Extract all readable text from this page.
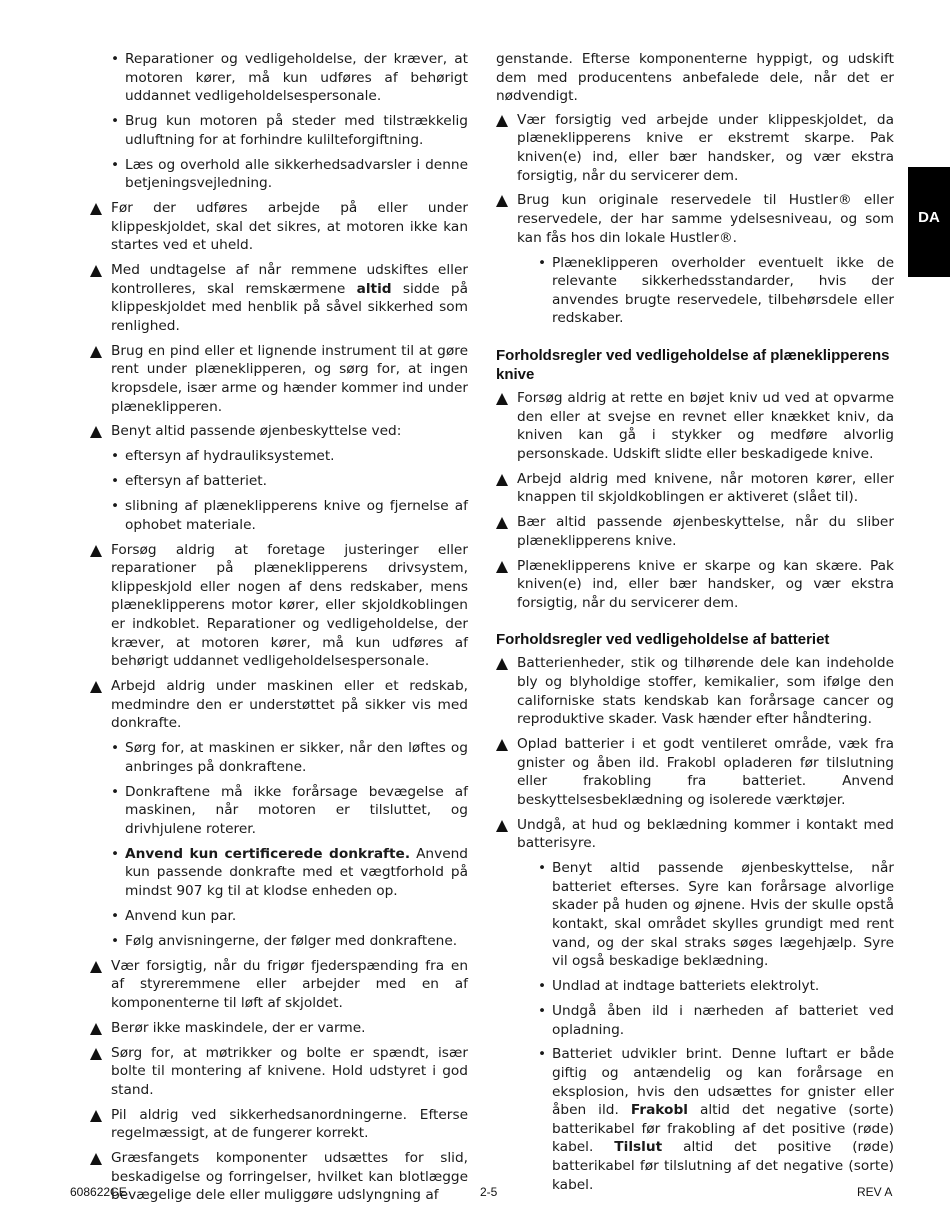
• Reparationer og vedligeholdelse, der kræver, at motoren kører, må kun udføres af behørigt uddannet vedligeholdelsespersonale.
• Brug kun motoren på steder med tilstrækkelig udluftning for at forhindre kulilteforgiftning.
• Læs og overhold alle sikkerhedsadvarsler i denne betjeningsvejledning.
Før der udføres arbejde på eller under klippeskjoldet, skal det sikres, at motoren ikke kan startes ved et uheld.
Med undtagelse af når remmene udskiftes eller kontrolleres, skal remskærmene altid sidde på klippeskjoldet med henblik på såvel sikkerhed som renlighed.
Brug en pind eller et lignende instrument til at gøre rent under plæneklipperen, og sørg for, at ingen kropsdele, især arme og hænder kommer ind under plæneklipperen.
Benyt altid passende øjenbeskyttelse ved:
• eftersyn af hydrauliksystemet.
• eftersyn af batteriet.
• slibning af plæneklipperens knive og fjernelse af ophobet materiale.
Forsøg aldrig at foretage justeringer eller reparationer på plæneklipperens drivsystem, klippeskjold eller nogen af dens redskaber, mens plæneklipperens motor kører, eller skjoldkoblingen er indkoblet. Reparationer og vedligeholdelse, der kræver, at motoren kører, må kun udføres af behørigt uddannet vedligeholdelsespersonale.
Arbejd aldrig under maskinen eller et redskab, medmindre den er understøttet på sikker vis med donkrafte.
• Sørg for, at maskinen er sikker, når den løftes og anbringes på donkraftene.
• Donkraftene må ikke forårsage bevægelse af maskinen, når motoren er tilsluttet, og drivhjulene roterer.
• Anvend kun certificerede donkrafte. Anvend kun passende donkrafte med et vægtforhold på mindst 907 kg til at klodse enheden op.
• Anvend kun par.
• Følg anvisningerne, der følger med donkraftene.
Vær forsigtig, når du frigør fjederspænding fra en af styreremmene eller arbejder med en af komponenterne til løft af skjoldet.
Berør ikke maskindele, der er varme.
Sørg for, at møtrikker og bolte er spændt, især bolte til montering af knivene. Hold udstyret i god stand.
Pil aldrig ved sikkerhedsanordningerne. Efterse regelmæssigt, at de fungerer korrekt.
Græsfangets komponenter udsættes for slid, beskadigelse og forringelser, hvilket kan blotlægge bevægelige dele eller muliggøre udslyngning af
genstande. Efterse komponenterne hyppigt, og udskift dem med producentens anbefalede dele, når det er nødvendigt.
Vær forsigtig ved arbejde under klippeskjoldet, da plæneklipperens knive er ekstremt skarpe. Pak kniven(e) ind, eller bær handsker, og vær ekstra forsigtig, når du servicerer dem.
Brug kun originale reservedele til Hustler® eller reservedele, der har samme ydelsesniveau, og som kan fås hos din lokale Hustler®.
• Plæneklipperen overholder eventuelt ikke de relevante sikkerhedsstandarder, hvis der anvendes brugte reservedele, tilbehørsdele eller redskaber.
Forholdsregler ved vedligeholdelse af plæneklipperens knive
Forsøg aldrig at rette en bøjet kniv ud ved at opvarme den eller at svejse en revnet eller knækket kniv, da kniven kan gå i stykker og medføre alvorlig personskade. Udskift slidte eller beskadigede knive.
Arbejd aldrig med knivene, når motoren kører, eller knappen til skjoldkoblingen er aktiveret (slået til).
Bær altid passende øjenbeskyttelse, når du sliber plæneklipperens knive.
Plæneklipperens knive er skarpe og kan skære. Pak kniven(e) ind, eller bær handsker, og vær ekstra forsigtig, når du servicerer dem.
Forholdsregler ved vedligeholdelse af batteriet
Batterienheder, stik og tilhørende dele kan indeholde bly og blyholdige stoffer, kemikalier, som ifølge den californiske stats kendskab kan forårsage cancer og reproduktive skader. Vask hænder efter håndtering.
Oplad batterier i et godt ventileret område, væk fra gnister og åben ild. Frakobl opladeren før tilslutning eller frakobling fra batteriet. Anvend beskyttelsesbeklædning og isolerede værktøjer.
Undgå, at hud og beklædning kommer i kontakt med batterisyre.
• Benyt altid passende øjenbeskyttelse, når batteriet efterses. Syre kan forårsage alvorlige skader på huden og øjnene. Hvis der skulle opstå kontakt, skal området skylles grundigt med rent vand, og der skal straks søges lægehjælp. Syre vil også beskadige beklædning.
• Undlad at indtage batteriets elektrolyt.
• Undgå åben ild i nærheden af batteriet ved opladning.
• Batteriet udvikler brint. Denne luftart er både giftig og antændelig og kan forårsage en eksplosion, hvis den udsættes for gnister eller åben ild. Frakobl altid det negative (sorte) batterikabel før frakobling af det positive (røde) kabel. Tilslut altid det positive (røde) batterikabel før tilslutning af det negative (sorte) kabel.
DA
608622CE	2-5	REV A
